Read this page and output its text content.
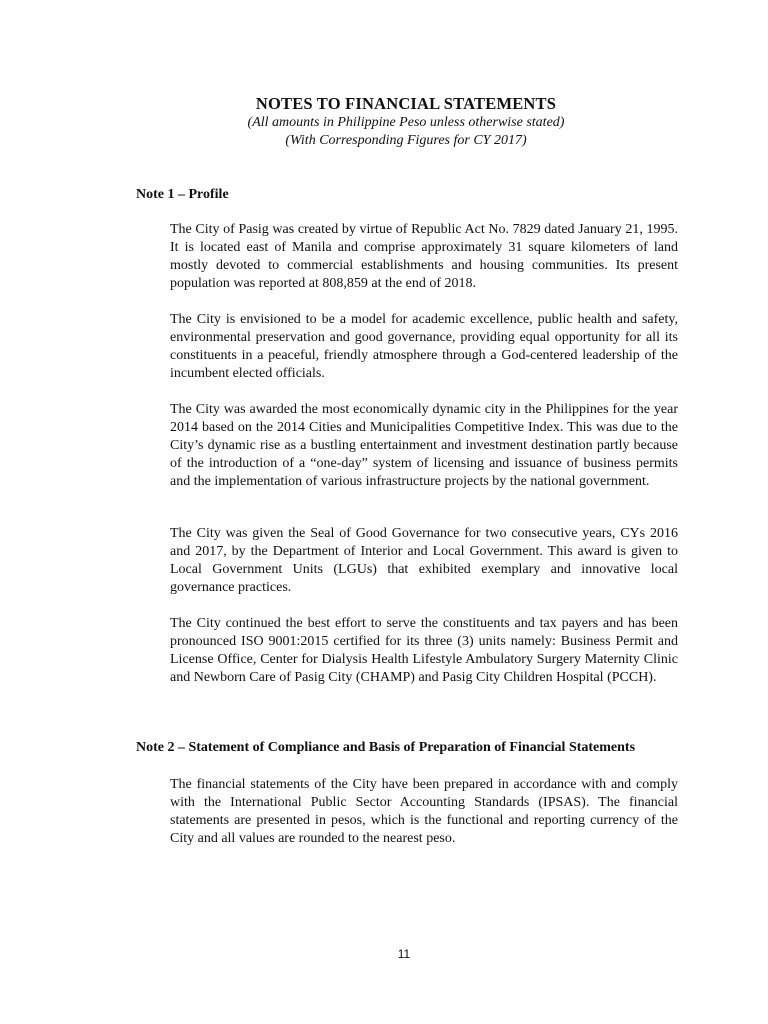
NOTES TO FINANCIAL STATEMENTS

(All amounts in Philippine Peso unless otherwise stated)

(With Corresponding Figures for CY 2017)

Note 1 – Profile

The City of Pasig was created by virtue of Republic Act No. 7829 dated January 21, 1995. It is located east of Manila and comprise approximately 31 square kilometers of land mostly devoted to commercial establishments and housing communities. Its present population was reported at 808,859 at the end of 2018.

The City is envisioned to be a model for academic excellence, public health and safety, environmental preservation and good governance, providing equal opportunity for all its constituents in a peaceful, friendly atmosphere through a God-centered leadership of the incumbent elected officials.

The City was awarded the most economically dynamic city in the Philippines for the year 2014 based on the 2014 Cities and Municipalities Competitive Index. This was due to the City’s dynamic rise as a bustling entertainment and investment destination partly because of the introduction of a “one-day” system of licensing and issuance of business permits and the implementation of various infrastructure projects by the national government.

The City was given the Seal of Good Governance for two consecutive years, CYs 2016 and 2017, by the Department of Interior and Local Government. This award is given to Local Government Units (LGUs) that exhibited exemplary and innovative local governance practices.

The City continued the best effort to serve the constituents and tax payers and has been pronounced ISO 9001:2015 certified for its three (3) units namely: Business Permit and License Office, Center for Dialysis Health Lifestyle Ambulatory Surgery Maternity Clinic and Newborn Care of Pasig City (CHAMP) and Pasig City Children Hospital (PCCH).

Note 2 – Statement of Compliance and Basis of Preparation of Financial Statements

The financial statements of the City have been prepared in accordance with and comply with the International Public Sector Accounting Standards (IPSAS). The financial statements are presented in pesos, which is the functional and reporting currency of the City and all values are rounded to the nearest peso.

11
